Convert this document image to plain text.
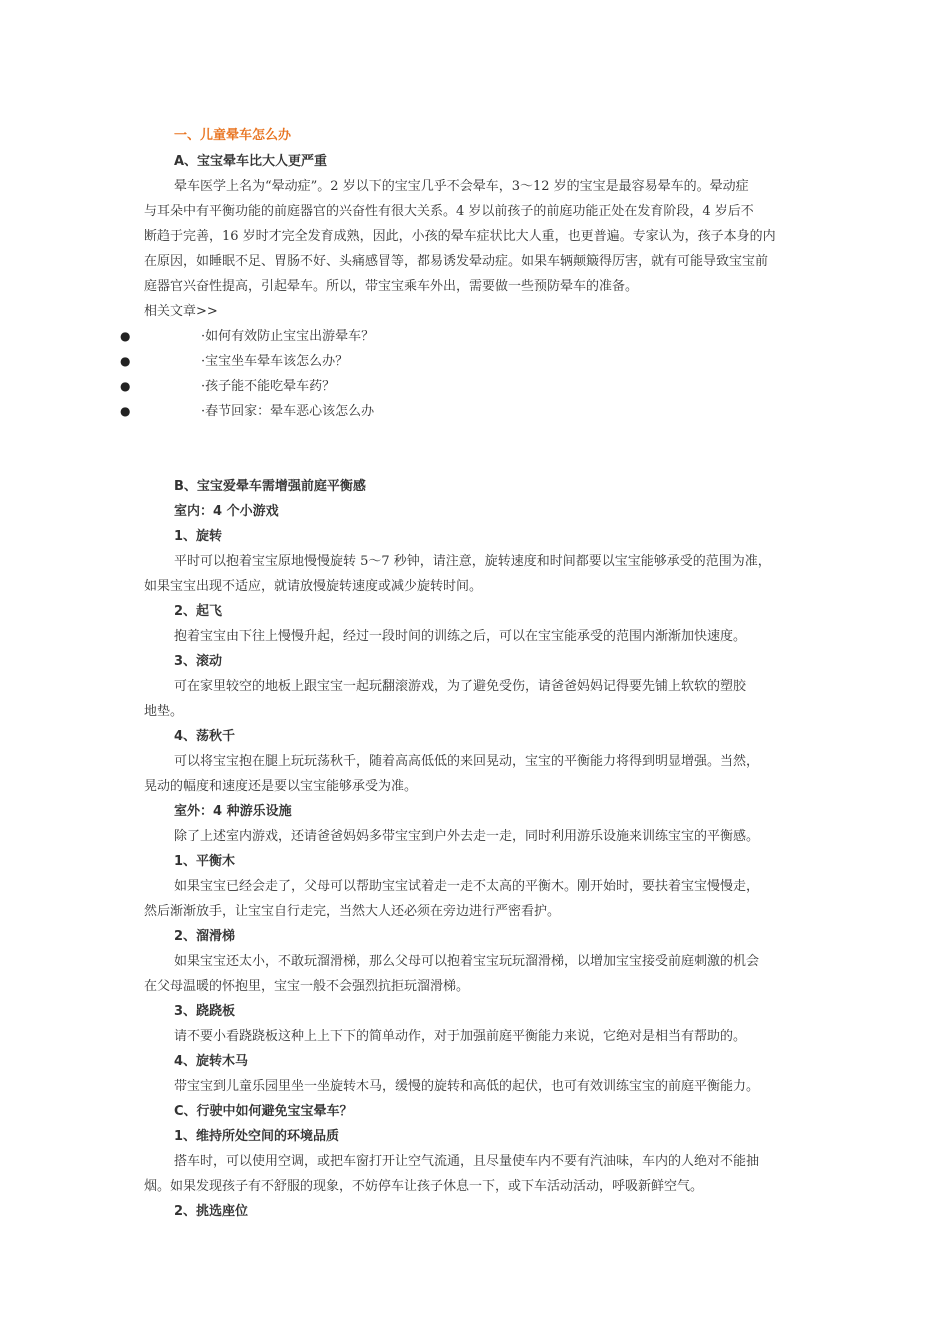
一、儿童晕车怎么办
A、宝宝晕车比大人更严重
晕车医学上名为“晕动症”。2 岁以下的宝宝几乎不会晕车，3～12 岁的宝宝是最容易晕车的。晕动症
与耳朵中有平衡功能的前庭器官的兴奋性有很大关系。4 岁以前孩子的前庭功能正处在发育阶段，4 岁后不
断趋于完善，16 岁时才完全发育成熟，因此，小孩的晕车症状比大人重，也更普遍。专家认为，孩子本身的内
在原因，如睡眠不足、胃肠不好、头痛感冒等，都易诱发晕动症。如果车辆颠簸得厉害，就有可能导致宝宝前
庭器官兴奋性提高，引起晕车。所以，带宝宝乘车外出，需要做一些预防晕车的准备。
相关文章>>
●	·如何有效防止宝宝出游晕车？
●	·宝宝坐车晕车该怎么办？
●	·孩子能不能吃晕车药？
●	·春节回家：晕车恶心该怎么办
B、宝宝爱晕车需增强前庭平衡感
室内：4 个小游戏
1、旋转
平时可以抱着宝宝原地慢慢旋转 5～7 秒钟，请注意，旋转速度和时间都要以宝宝能够承受的范围为准，
如果宝宝出现不适应，就请放慢旋转速度或减少旋转时间。
2、起飞
抱着宝宝由下往上慢慢升起，经过一段时间的训练之后，可以在宝宝能承受的范围内渐渐加快速度。
3、滚动
可在家里较空的地板上跟宝宝一起玩翻滚游戏，为了避免受伤，请爸爸妈妈记得要先铺上软软的塑胶
地垫。
4、荡秋千
可以将宝宝抱在腿上玩玩荡秋千，随着高高低低的来回晃动，宝宝的平衡能力将得到明显增强。当然，
晃动的幅度和速度还是要以宝宝能够承受为准。
室外：4 种游乐设施
除了上述室内游戏，还请爸爸妈妈多带宝宝到户外去走一走，同时利用游乐设施来训练宝宝的平衡感。
1、平衡木
如果宝宝已经会走了，父母可以帮助宝宝试着走一走不太高的平衡木。刚开始时，要扶着宝宝慢慢走，
然后渐渐放手，让宝宝自行走完，当然大人还必须在旁边进行严密看护。
2、溜滑梯
如果宝宝还太小，不敢玩溜滑梯，那么父母可以抱着宝宝玩玩溜滑梯，以增加宝宝接受前庭刺激的机会
在父母温暖的怀抱里，宝宝一般不会强烈抗拒玩溜滑梯。
3、跷跷板
请不要小看跷跷板这种上上下下的简单动作，对于加强前庭平衡能力来说，它绝对是相当有帮助的。
4、旋转木马
带宝宝到儿童乐园里坐一坐旋转木马，缓慢的旋转和高低的起伏，也可有效训练宝宝的前庭平衡能力。
C、行驶中如何避免宝宝晕车？
1、维持所处空间的环境品质
搭车时，可以使用空调，或把车窗打开让空气流通，且尽量使车内不要有汽油味，车内的人绝对不能抽
烟。如果发现孩子有不舒服的现象，不妨停车让孩子休息一下，或下车活动活动，呼吸新鲜空气。
2、挑选座位
